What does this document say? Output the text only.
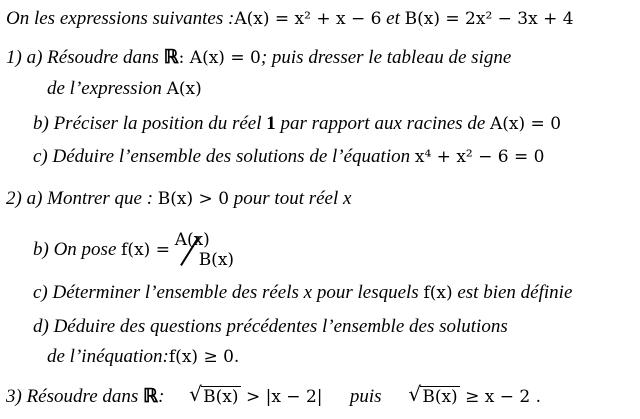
On les expressions suivantes :A(x) = x² + x − 6 et B(x) = 2x² − 3x + 4
1) a) Résoudre dans ℝ: A(x) = 0; puis dresser le tableau de signe
de l’expression A(x)
b) Préciser la position du réel 1 par rapport aux racines de A(x) = 0
c) Déduire l’ensemble des solutions de l’équation x⁴ + x² − 6 = 0
2) a) Montrer que : B(x) > 0 pour tout réel x
b) On pose f(x) = A(x)
B(x)
c) Déterminer l’ensemble des réels x pour lesquels f(x) est bien définie
d) Déduire des questions précédentes l’ensemble des solutions
de l’inéquation:f(x) ≥ 0.
3) Résoudre dans ℝ: √ B(x) > |x − 2| puis √ B(x) ≥ x − 2 .
